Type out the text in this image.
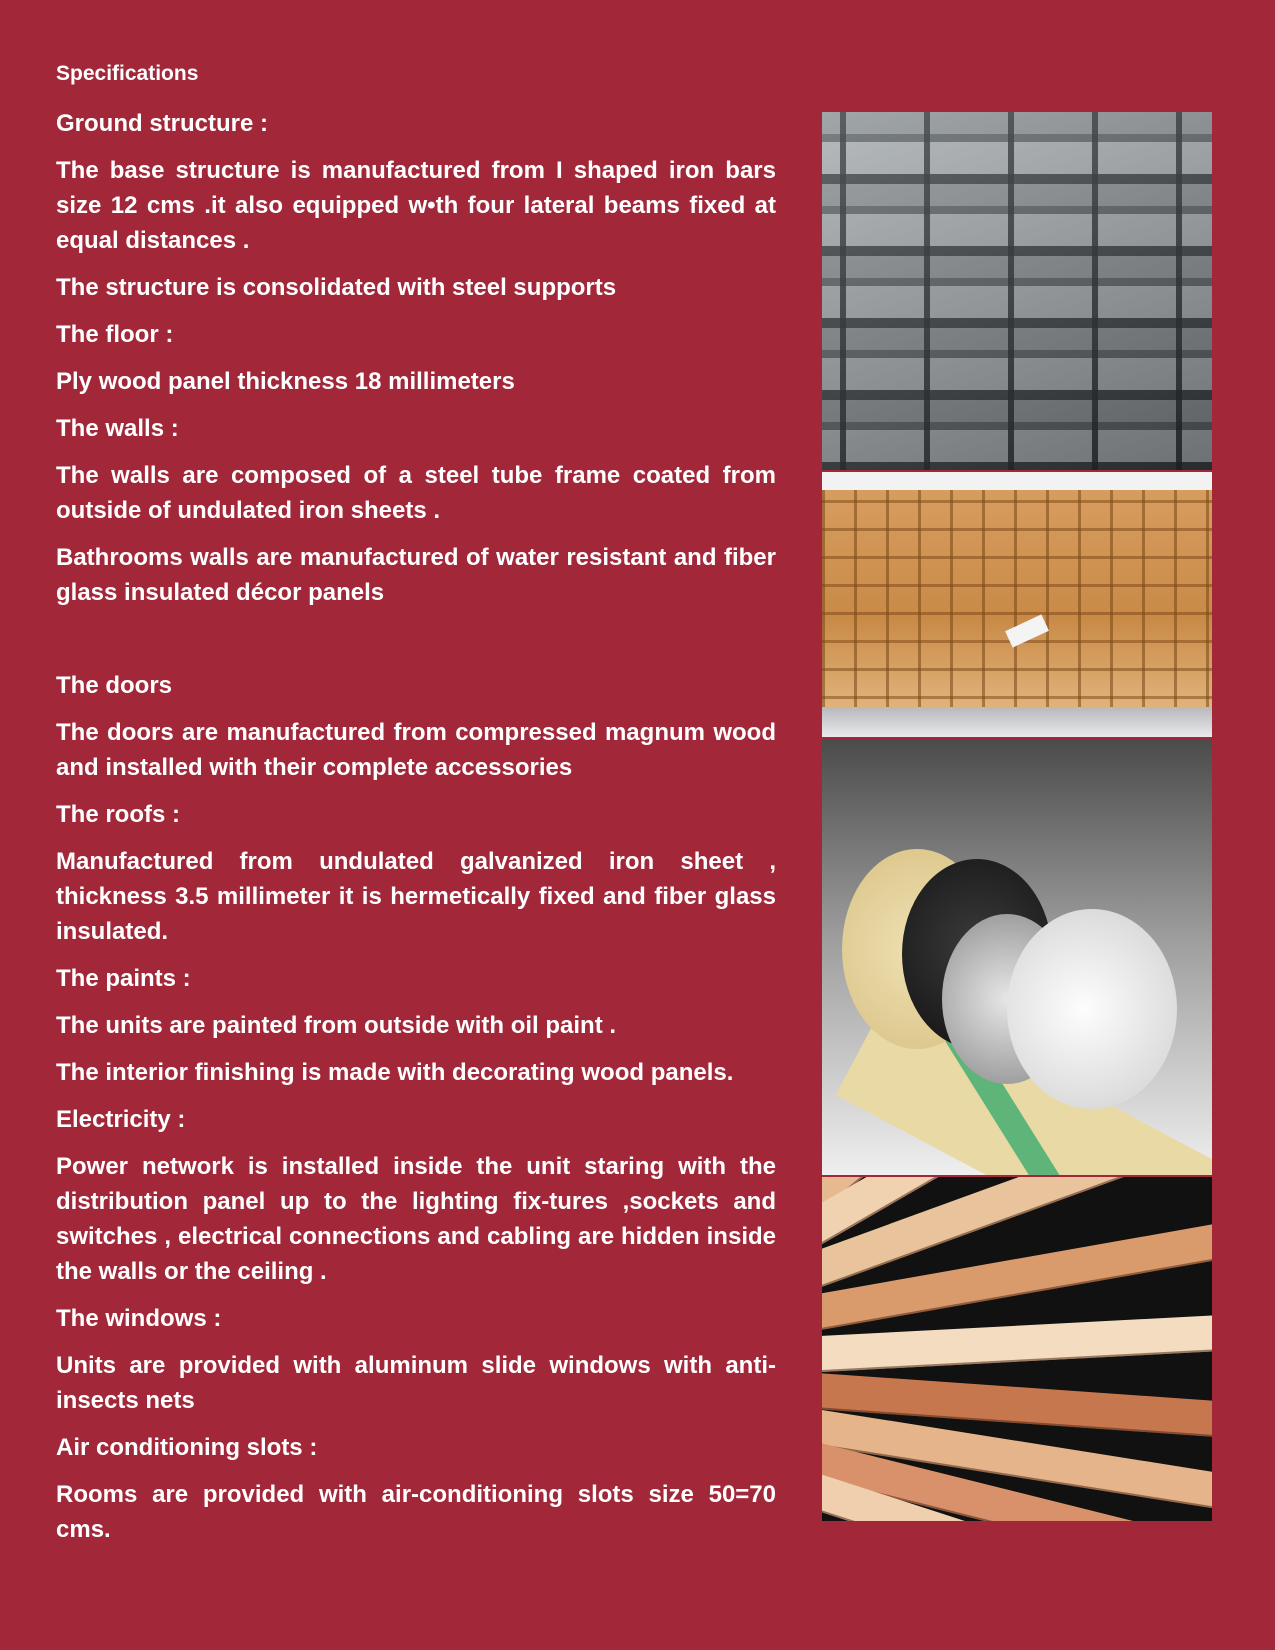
Specifications

Ground structure :

The base structure is manufactured from I shaped iron bars size 12 cms .it also equipped w•th four lateral beams fixed at equal distances .

The structure is consolidated with steel supports

The floor :

Ply wood panel thickness 18 millimeters

The walls :

The walls are composed of a steel tube frame coated from outside of undulated iron sheets .

Bathrooms walls are manufactured of water resistant and fiber glass insulated décor panels

The doors

The doors are manufactured from compressed magnum wood and installed with their complete accessories

The roofs :

Manufactured from undulated galvanized iron sheet , thickness 3.5 millimeter it is hermetically fixed and fiber glass insulated.

The paints :

The units are painted from outside with oil paint .

The interior finishing is made with decorating wood panels.

Electricity :

Power network is installed inside the unit staring with the distribution panel up to the lighting fix-tures ,sockets and switches , electrical connections and cabling are hidden inside the walls or the ceiling .

The windows :

Units are provided with aluminum slide windows with anti-insects nets

Air conditioning slots :

Rooms are provided with air-conditioning slots size 50=70 cms.
